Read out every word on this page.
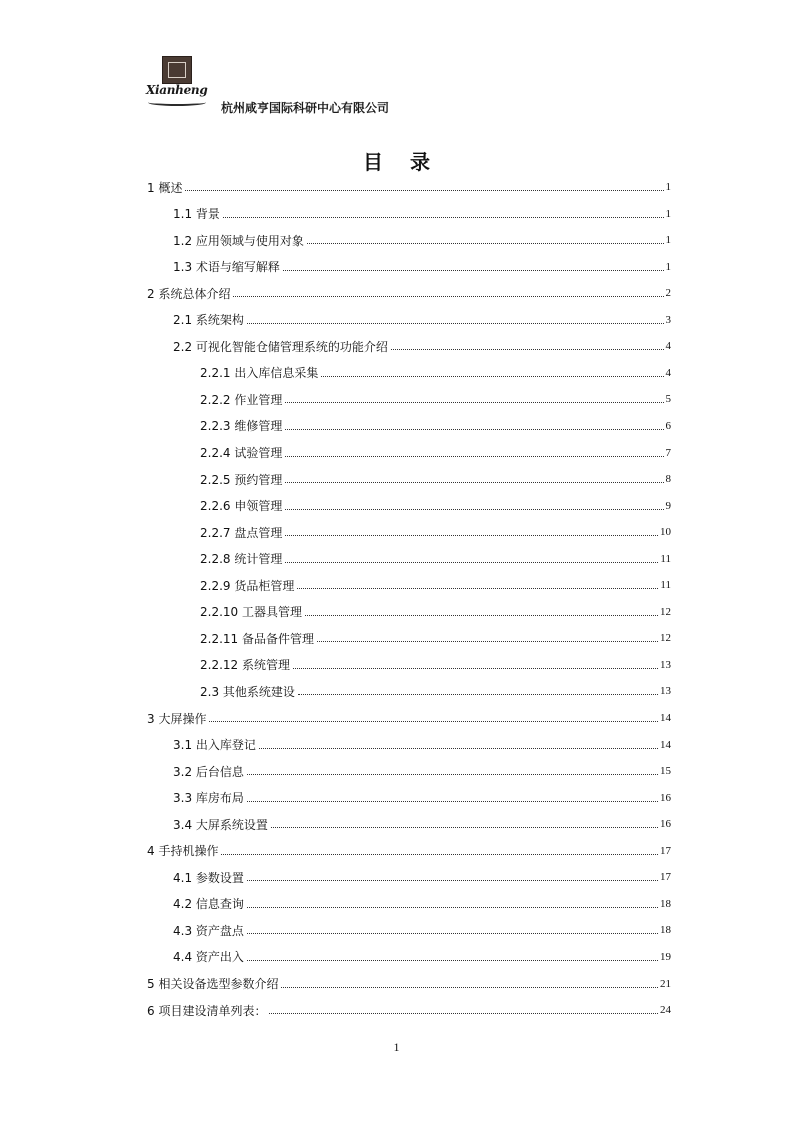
Xianheng
杭州咸亨国际科研中心有限公司
目 录
1 概述	1
1.1 背景	1
1.2 应用领域与使用对象	1
1.3 术语与缩写解释	1
2 系统总体介绍	2
2.1 系统架构	3
2.2 可视化智能仓储管理系统的功能介绍	4
2.2.1 出入库信息采集	4
2.2.2 作业管理	5
2.2.3 维修管理	6
2.2.4 试验管理	7
2.2.5 预约管理	8
2.2.6 申领管理	9
2.2.7 盘点管理	10
2.2.8 统计管理	11
2.2.9 货品柜管理	11
2.2.10 工器具管理	12
2.2.11 备品备件管理	12
2.2.12 系统管理	13
2.3 其他系统建设	13
3 大屏操作	14
3.1 出入库登记	14
3.2 后台信息	15
3.3 库房布局	16
3.4 大屏系统设置	16
4 手持机操作	17
4.1 参数设置	17
4.2 信息查询	18
4.3 资产盘点	18
4.4 资产出入	19
5 相关设备选型参数介绍	21
6 项目建设清单列表：	24
1
